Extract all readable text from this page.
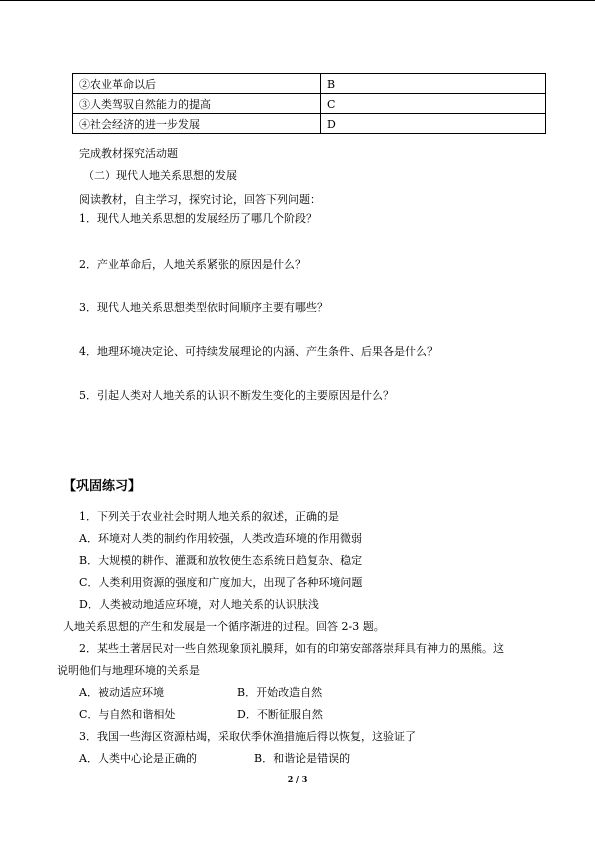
②农业革命以后	B
③人类驾驭自然能力的提高	C
④社会经济的进一步发展	D
完成教材探究活动题
（二）现代人地关系思想的发展
阅读教材，自主学习，探究讨论，回答下列问题：
1．现代人地关系思想的发展经历了哪几个阶段？
2．产业革命后，人地关系紧张的原因是什么？
3．现代人地关系思想类型依时间顺序主要有哪些？
4．地理环境决定论、可持续发展理论的内涵、产生条件、后果各是什么？
5．引起人类对人地关系的认识不断发生变化的主要原因是什么？
【巩固练习】
1．下列关于农业社会时期人地关系的叙述，正确的是
A．环境对人类的制约作用较强，人类改造环境的作用微弱
B．大规模的耕作、灌溉和放牧使生态系统日趋复杂、稳定
C．人类利用资源的强度和广度加大，出现了各种环境问题
D．人类被动地适应环境，对人地关系的认识肤浅
人地关系思想的产生和发展是一个循序渐进的过程。回答 2-3 题。
2．某些土著居民对一些自然现象顶礼膜拜，如有的印第安部落崇拜具有神力的黑熊。这
说明他们与地理环境的关系是
A．被动适应环境	B．开始改造自然
C．与自然和谐相处	D．不断征服自然
3．我国一些海区资源枯竭，采取伏季休渔措施后得以恢复，这验证了
A．人类中心论是正确的	B．和谐论是错误的
2 / 3
